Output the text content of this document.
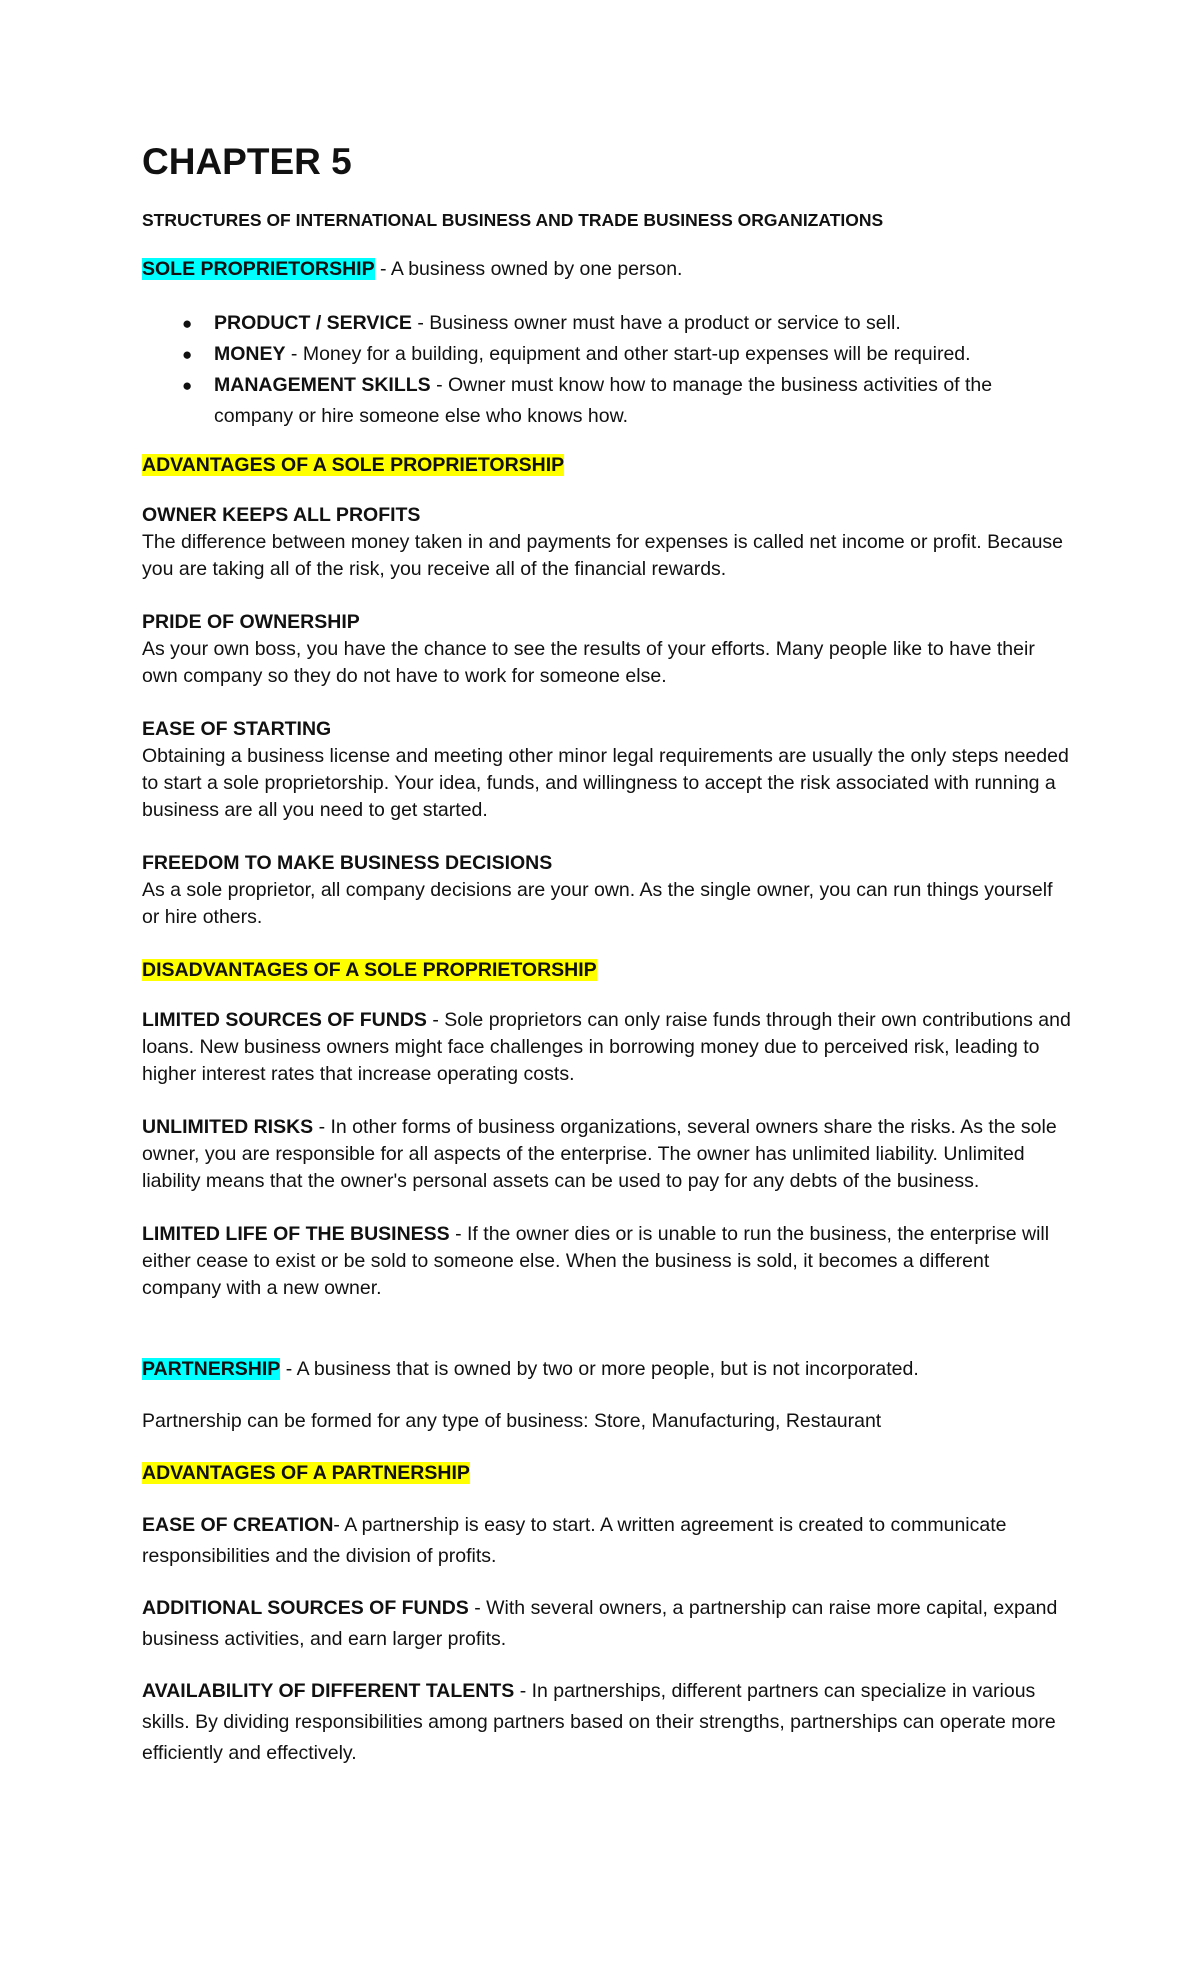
CHAPTER 5

STRUCTURES OF INTERNATIONAL BUSINESS AND TRADE BUSINESS ORGANIZATIONS

SOLE PROPRIETORSHIP - A business owned by one person.

● PRODUCT / SERVICE - Business owner must have a product or service to sell.
● MONEY - Money for a building, equipment and other start-up expenses will be required.
● MANAGEMENT SKILLS - Owner must know how to manage the business activities of the company or hire someone else who knows how.

ADVANTAGES OF A SOLE PROPRIETORSHIP

OWNER KEEPS ALL PROFITS
The difference between money taken in and payments for expenses is called net income or profit. Because you are taking all of the risk, you receive all of the financial rewards.
PRIDE OF OWNERSHIP
As your own boss, you have the chance to see the results of your efforts. Many people like to have their own company so they do not have to work for someone else.
EASE OF STARTING
Obtaining a business license and meeting other minor legal requirements are usually the only steps needed to start a sole proprietorship. Your idea, funds, and willingness to accept the risk associated with running a business are all you need to get started.
FREEDOM TO MAKE BUSINESS DECISIONS
As a sole proprietor, all company decisions are your own. As the single owner, you can run things yourself or hire others.

DISADVANTAGES OF A SOLE PROPRIETORSHIP

LIMITED SOURCES OF FUNDS - Sole proprietors can only raise funds through their own contributions and loans. New business owners might face challenges in borrowing money due to perceived risk, leading to higher interest rates that increase operating costs.

UNLIMITED RISKS - In other forms of business organizations, several owners share the risks. As the sole owner, you are responsible for all aspects of the enterprise. The owner has unlimited liability. Unlimited liability means that the owner's personal assets can be used to pay for any debts of the business.

LIMITED LIFE OF THE BUSINESS - If the owner dies or is unable to run the business, the enterprise will either cease to exist or be sold to someone else. When the business is sold, it becomes a different company with a new owner.

PARTNERSHIP - A business that is owned by two or more people, but is not incorporated.

Partnership can be formed for any type of business: Store, Manufacturing, Restaurant

ADVANTAGES OF A PARTNERSHIP

EASE OF CREATION- A partnership is easy to start. A written agreement is created to communicate responsibilities and the division of profits.

ADDITIONAL SOURCES OF FUNDS - With several owners, a partnership can raise more capital, expand business activities, and earn larger profits.

AVAILABILITY OF DIFFERENT TALENTS - In partnerships, different partners can specialize in various skills. By dividing responsibilities among partners based on their strengths, partnerships can operate more efficiently and effectively.
